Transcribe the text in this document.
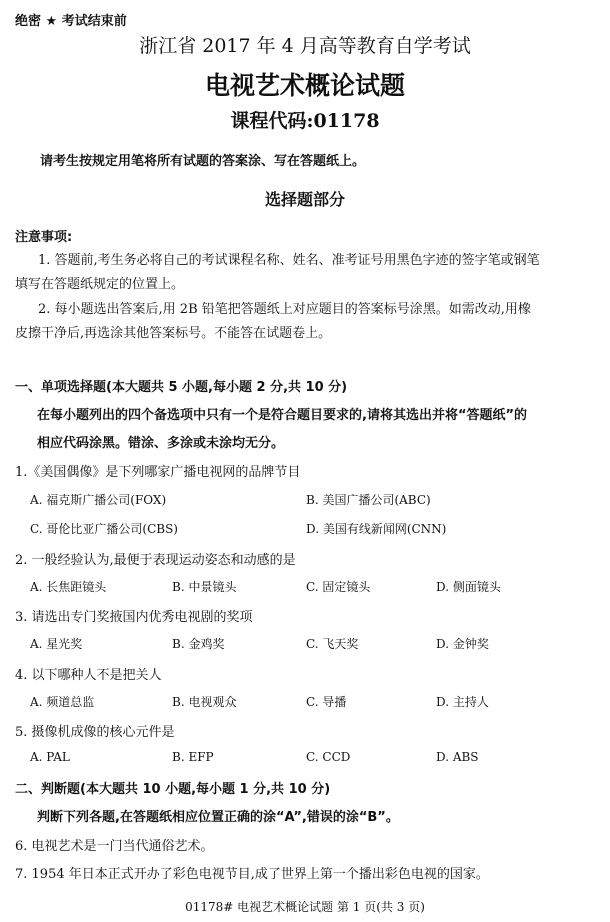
绝密 ★ 考试结束前
浙江省 2017 年 4 月高等教育自学考试
电视艺术概论试题
课程代码:01178
请考生按规定用笔将所有试题的答案涂、写在答题纸上。
选择题部分
注意事项:
1. 答题前,考生务必将自己的考试课程名称、姓名、准考证号用黑色字迹的签字笔或钢笔
填写在答题纸规定的位置上。
2. 每小题选出答案后,用 2B 铅笔把答题纸上对应题目的答案标号涂黑。如需改动,用橡
皮擦干净后,再选涂其他答案标号。不能答在试题卷上。
一、单项选择题(本大题共 5 小题,每小题 2 分,共 10 分)
在每小题列出的四个备选项中只有一个是符合题目要求的,请将其选出并将“答题纸”的
相应代码涂黑。错涂、多涂或未涂均无分。
1.《美国偶像》是下列哪家广播电视网的品牌节目
A. 福克斯广播公司(FOX)	B. 美国广播公司(ABC)
C. 哥伦比亚广播公司(CBS)	D. 美国有线新闻网(CNN)
2. 一般经验认为,最便于表现运动姿态和动感的是
A. 长焦距镜头	B. 中景镜头	C. 固定镜头	D. 侧面镜头
3. 请选出专门奖掖国内优秀电视剧的奖项
A. 星光奖	B. 金鸡奖	C. 飞天奖	D. 金钟奖
4. 以下哪种人不是把关人
A. 频道总监	B. 电视观众	C. 导播	D. 主持人
5. 摄像机成像的核心元件是
A. PAL	B. EFP	C. CCD	D. ABS
二、判断题(本大题共 10 小题,每小题 1 分,共 10 分)
判断下列各题,在答题纸相应位置正确的涂“A”,错误的涂“B”。
6. 电视艺术是一门当代通俗艺术。
7. 1954 年日本正式开办了彩色电视节目,成了世界上第一个播出彩色电视的国家。
01178# 电视艺术概论试题 第 1 页(共 3 页)
